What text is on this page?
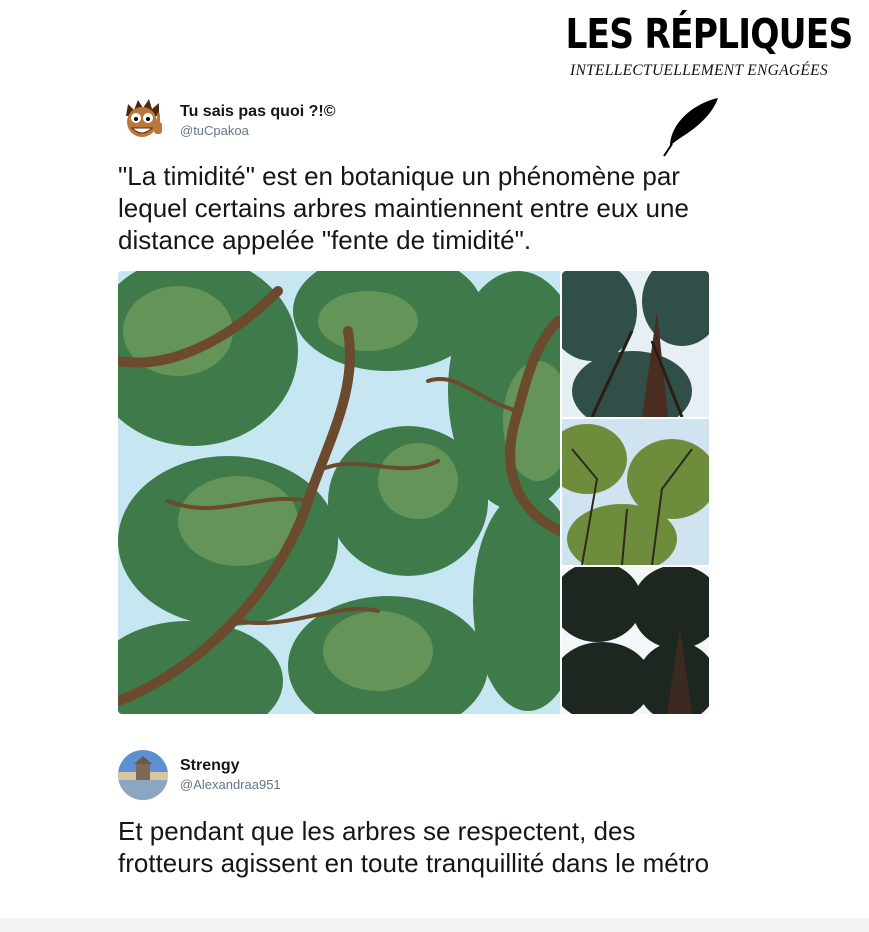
LES RÉPLIQUES
INTELLECTUELLEMENT ENGAGÉES
Tu sais pas quoi ?!©
@tuCpakoa
"La timidité" est en botanique un phénomène par lequel certains arbres maintiennent entre eux une distance appelée "fente de timidité".
Strengy
@Alexandraa951
Et pendant que les arbres se respectent, des frotteurs agissent en toute tranquillité dans le métro
